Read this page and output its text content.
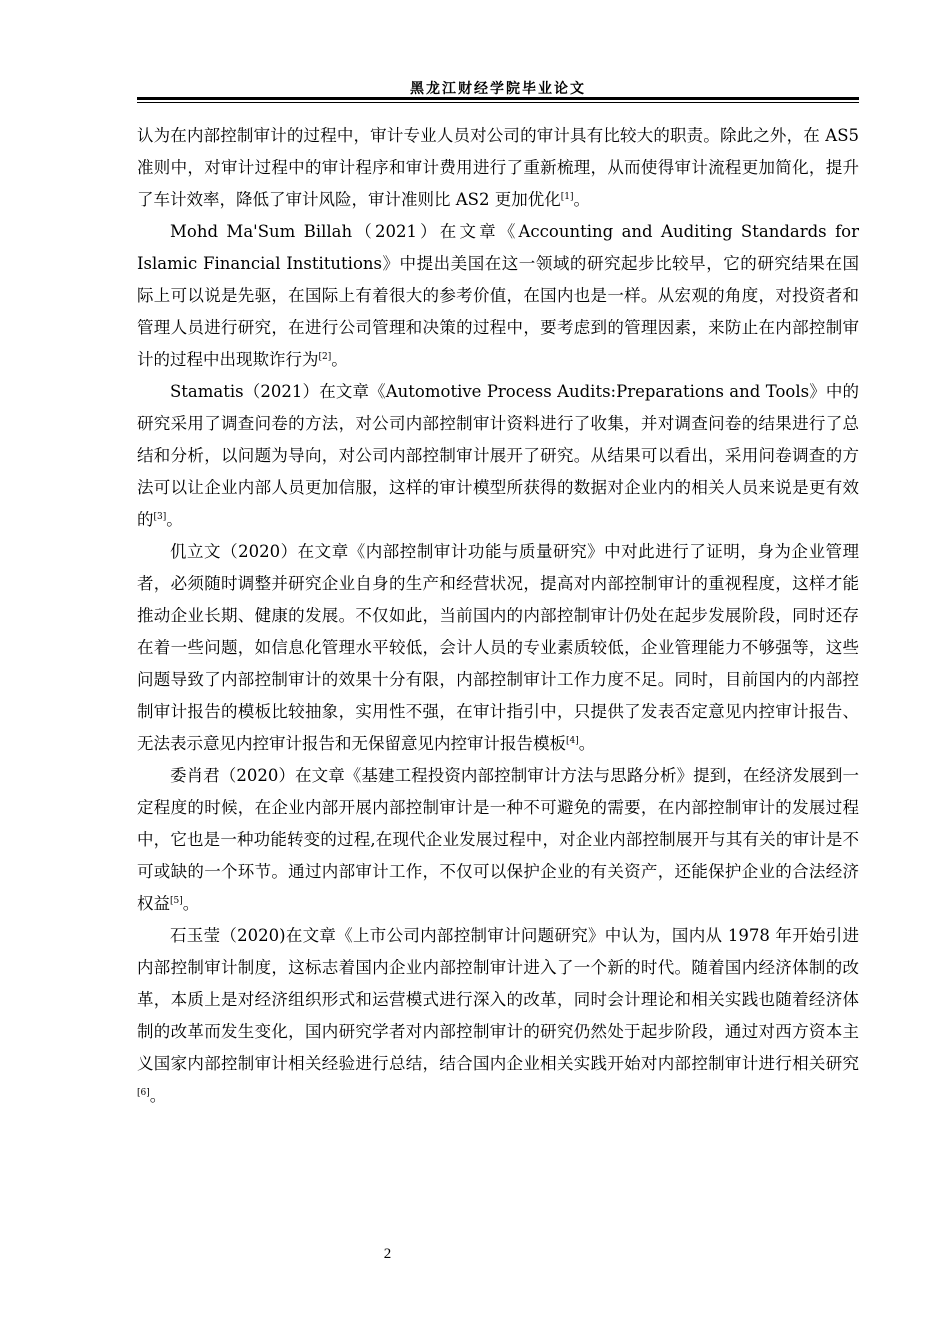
黑龙江财经学院毕业论文

认为在内部控制审计的过程中，审计专业人员对公司的审计具有比较大的职责。除此之外，在 AS5 准则中，对审计过程中的审计程序和审计费用进行了重新梳理，从而使得审计流程更加简化，提升了车计效率，降低了审计风险，审计准则比 AS2 更加优化[1]。

Mohd Ma'Sum Billah（2021）在文章《Accounting and Auditing Standards for Islamic Financial Institutions》中提出美国在这一领域的研究起步比较早，它的研究结果在国际上可以说是先驱，在国际上有着很大的参考价值，在国内也是一样。从宏观的角度，对投资者和管理人员进行研究，在进行公司管理和决策的过程中，要考虑到的管理因素，来防止在内部控制审计的过程中出现欺诈行为[2]。

Stamatis（2021）在文章《Automotive Process Audits:Preparations and Tools》中的研究采用了调查问卷的方法，对公司内部控制审计资料进行了收集，并对调查问卷的结果进行了总结和分析，以问题为导向，对公司内部控制审计展开了研究。从结果可以看出，采用问卷调查的方法可以让企业内部人员更加信服，这样的审计模型所获得的数据对企业内的相关人员来说是更有效的[3]。

仉立文（2020）在文章《内部控制审计功能与质量研究》中对此进行了证明，身为企业管理者，必须随时调整并研究企业自身的生产和经营状况，提高对内部控制审计的重视程度，这样才能推动企业长期、健康的发展。不仅如此，当前国内的内部控制审计仍处在起步发展阶段，同时还存在着一些问题，如信息化管理水平较低，会计人员的专业素质较低，企业管理能力不够强等，这些问题导致了内部控制审计的效果十分有限，内部控制审计工作力度不足。同时，目前国内的内部控制审计报告的模板比较抽象，实用性不强，在审计指引中，只提供了发表否定意见内控审计报告、无法表示意见内控审计报告和无保留意见内控审计报告模板[4]。

委肖君（2020）在文章《基建工程投资内部控制审计方法与思路分析》提到，在经济发展到一定程度的时候，在企业内部开展内部控制审计是一种不可避免的需要，在内部控制审计的发展过程中，它也是一种功能转变的过程,在现代企业发展过程中，对企业内部控制展开与其有关的审计是不可或缺的一个环节。通过内部审计工作，不仅可以保护企业的有关资产，还能保护企业的合法经济权益[5]。

石玉莹（2020)在文章《上市公司内部控制审计问题研究》中认为，国内从 1978 年开始引进内部控制审计制度，这标志着国内企业内部控制审计进入了一个新的时代。随着国内经济体制的改革，本质上是对经济组织形式和运营模式进行深入的改革，同时会计理论和相关实践也随着经济体制的改革而发生变化，国内研究学者对内部控制审计的研究仍然处于起步阶段，通过对西方资本主义国家内部控制审计相关经验进行总结，结合国内企业相关实践开始对内部控制审计进行相关研究[6]。

2
